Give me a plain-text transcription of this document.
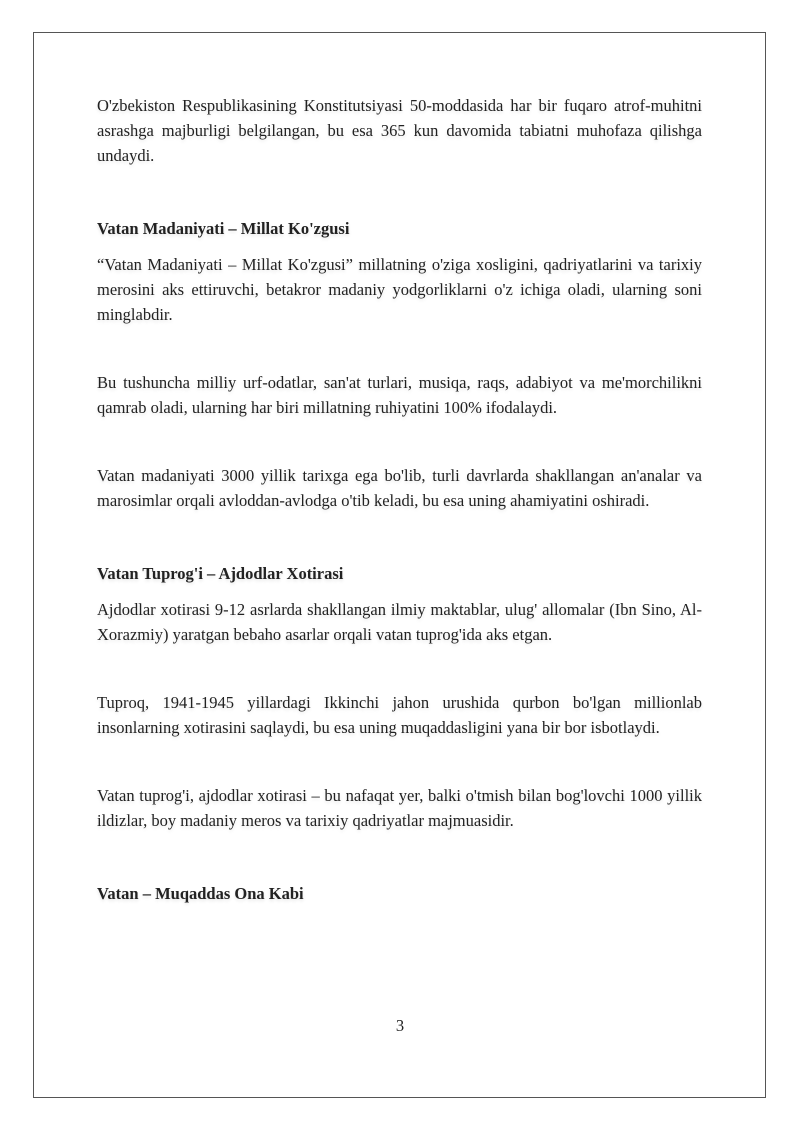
O'zbekiston Respublikasining Konstitutsiyasi 50-moddasida har bir fuqaro atrof-muhitni asrashga majburligi belgilangan, bu esa 365 kun davomida tabiatni muhofaza qilishga undaydi.

Vatan Madaniyati – Millat Ko'zgusi

“Vatan Madaniyati – Millat Ko'zgusi” millatning o'ziga xosligini, qadriyatlarini va tarixiy merosini aks ettiruvchi, betakror madaniy yodgorliklarni o'z ichiga oladi, ularning soni minglabdir.

Bu tushuncha milliy urf-odatlar, san'at turlari, musiqa, raqs, adabiyot va me'morchilikni qamrab oladi, ularning har biri millatning ruhiyatini 100% ifodalaydi.

Vatan madaniyati 3000 yillik tarixga ega bo'lib, turli davrlarda shakllangan an'analar va marosimlar orqali avloddan-avlodga o'tib keladi, bu esa uning ahamiyatini oshiradi.

Vatan Tuprog'i – Ajdodlar Xotirasi

Ajdodlar xotirasi 9-12 asrlarda shakllangan ilmiy maktablar, ulug' allomalar (Ibn Sino, Al-Xorazmiy) yaratgan bebaho asarlar orqali vatan tuprog'ida aks etgan.

Tuproq, 1941-1945 yillardagi Ikkinchi jahon urushida qurbon bo'lgan millionlab insonlarning xotirasini saqlaydi, bu esa uning muqaddasligini yana bir bor isbotlaydi.

Vatan tuprog'i, ajdodlar xotirasi – bu nafaqat yer, balki o'tmish bilan bog'lovchi 1000 yillik ildizlar, boy madaniy meros va tarixiy qadriyatlar majmuasidir.

Vatan – Muqaddas Ona Kabi

3
